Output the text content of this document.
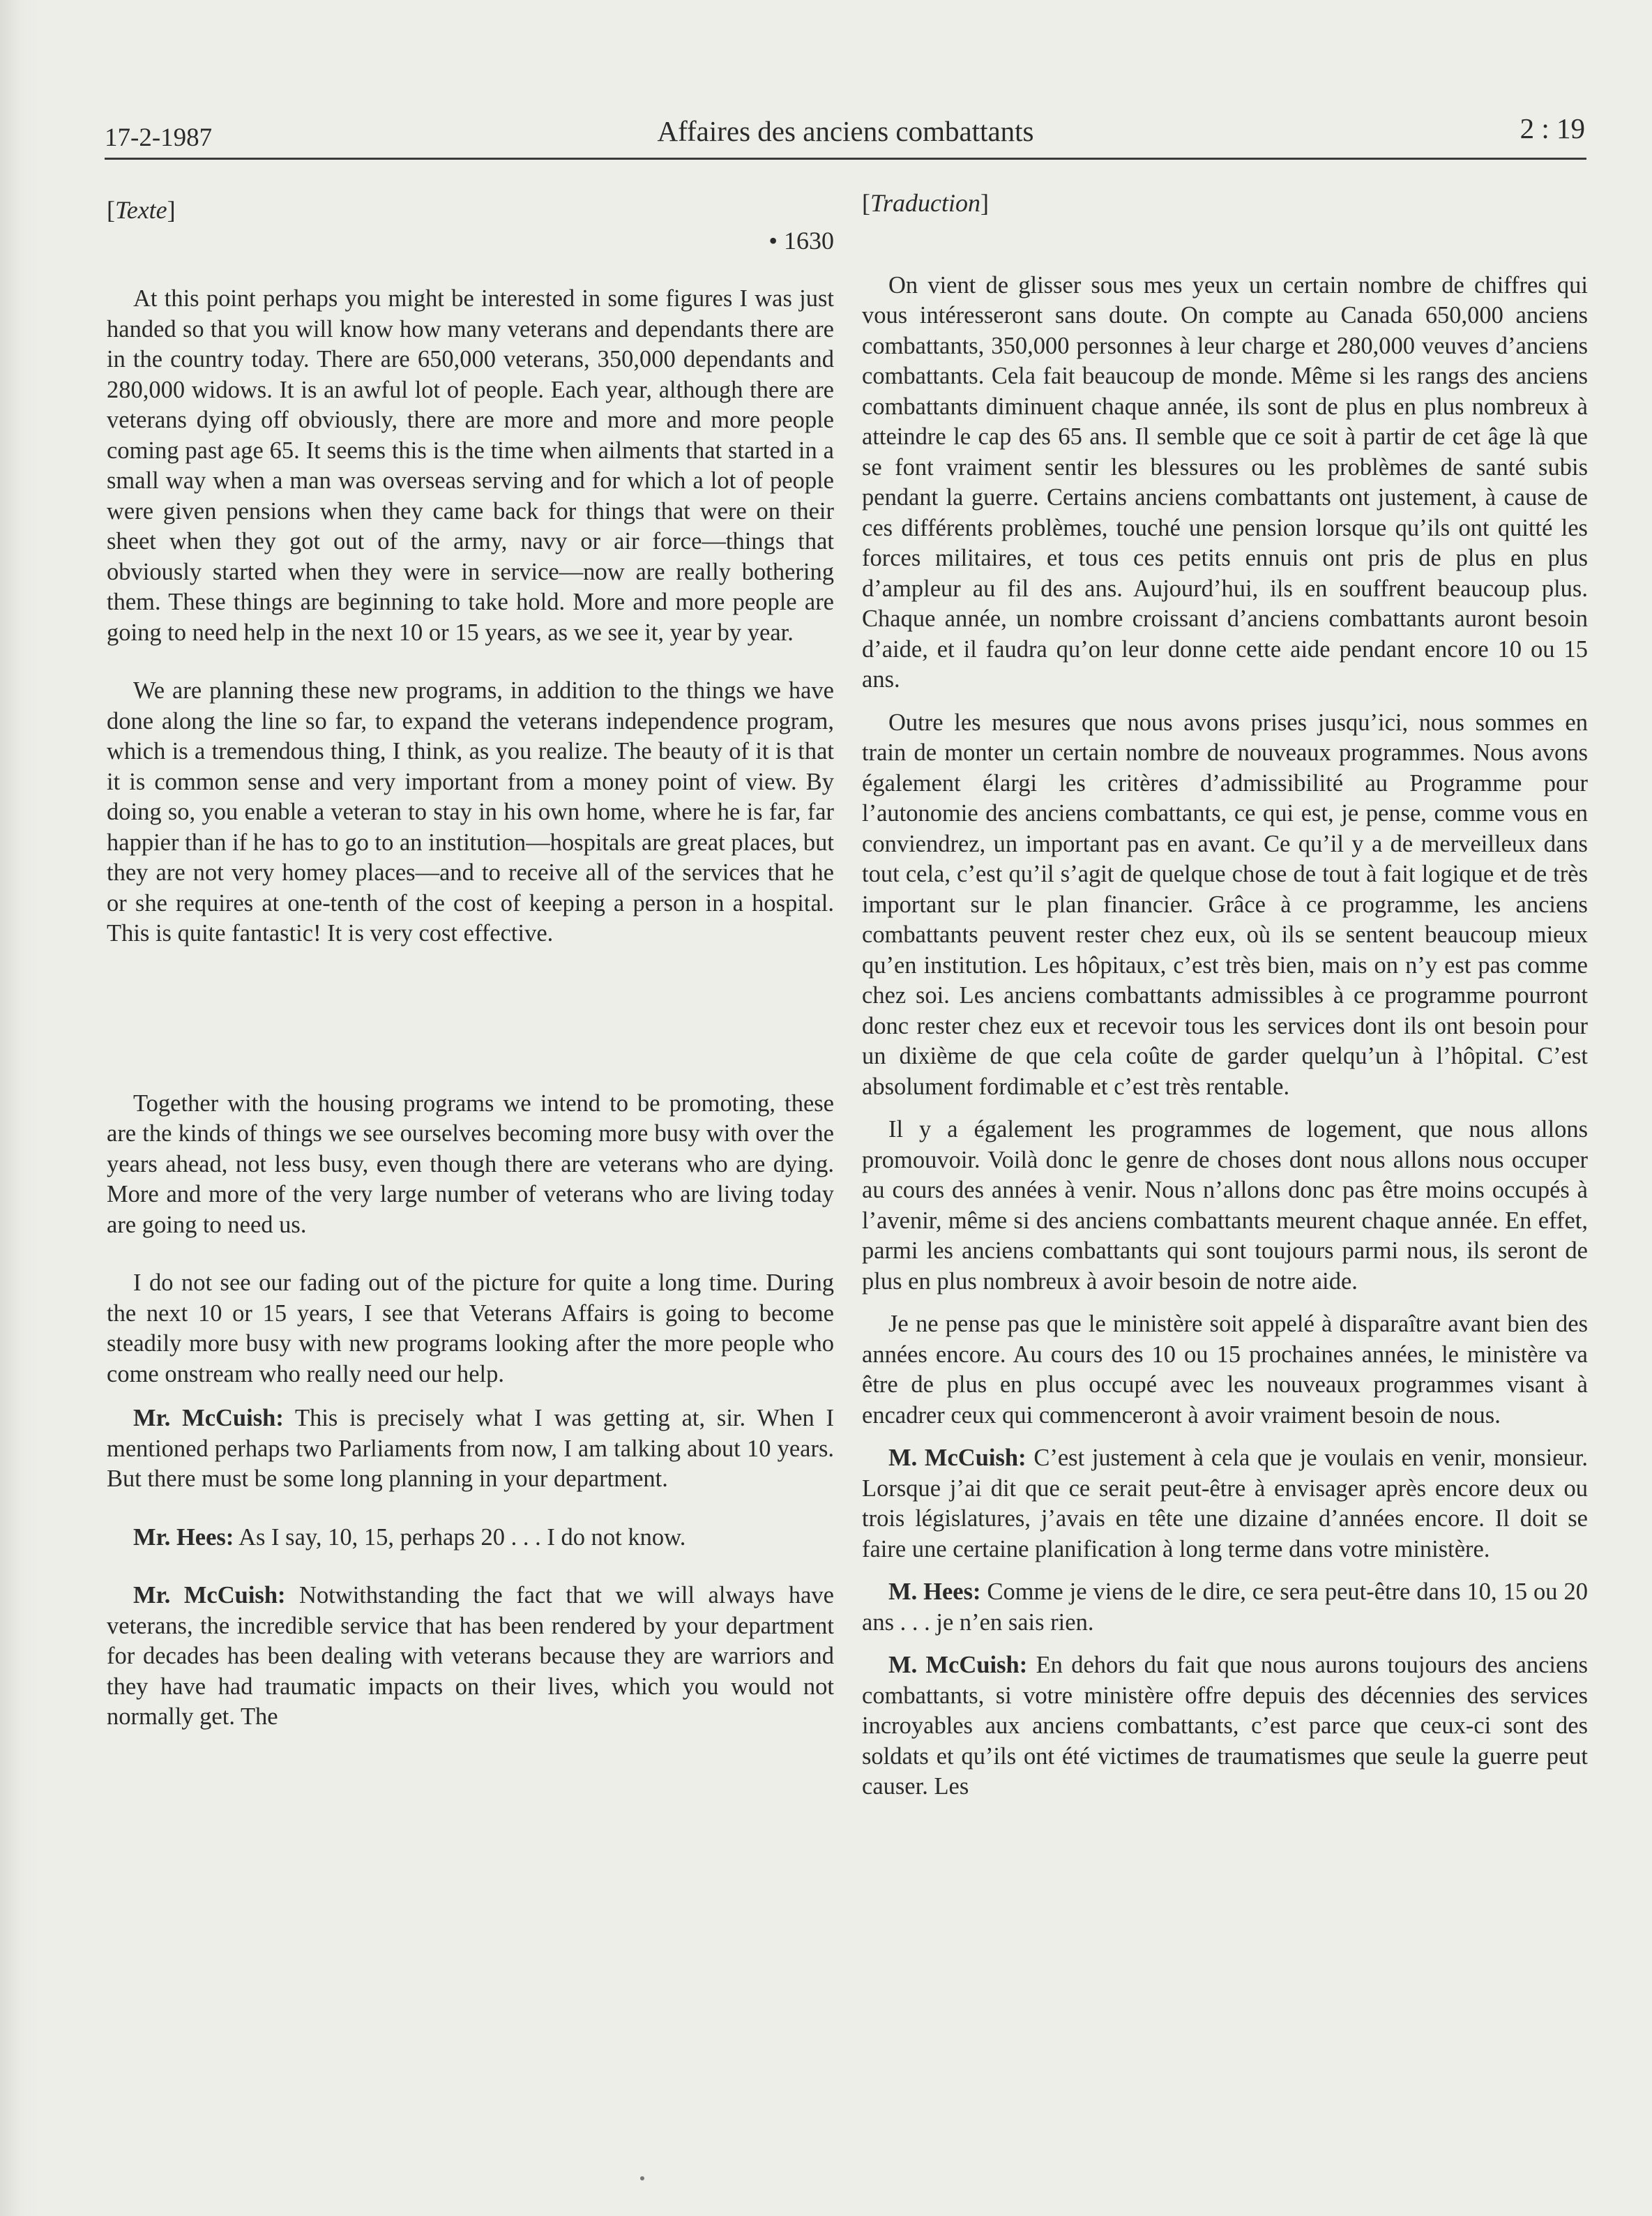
17-2-1987	Affaires des anciens combattants	2 : 19

[Texte]

• 1630

At this point perhaps you might be interested in some figures I was just handed so that you will know how many veterans and dependants there are in the country today. There are 650,000 veterans, 350,000 dependants and 280,000 widows. It is an awful lot of people. Each year, although there are veterans dying off obviously, there are more and more and more people coming past age 65. It seems this is the time when ailments that started in a small way when a man was overseas serving and for which a lot of people were given pensions when they came back for things that were on their sheet when they got out of the army, navy or air force—things that obviously started when they were in service—now are really bothering them. These things are beginning to take hold. More and more people are going to need help in the next 10 or 15 years, as we see it, year by year.

We are planning these new programs, in addition to the things we have done along the line so far, to expand the veterans independence program, which is a tremendous thing, I think, as you realize. The beauty of it is that it is common sense and very important from a money point of view. By doing so, you enable a veteran to stay in his own home, where he is far, far happier than if he has to go to an institution—hospitals are great places, but they are not very homey places—and to receive all of the services that he or she requires at one-tenth of the cost of keeping a person in a hospital. This is quite fantastic! It is very cost effective.

Together with the housing programs we intend to be promoting, these are the kinds of things we see ourselves becoming more busy with over the years ahead, not less busy, even though there are veterans who are dying. More and more of the very large number of veterans who are living today are going to need us.

I do not see our fading out of the picture for quite a long time. During the next 10 or 15 years, I see that Veterans Affairs is going to become steadily more busy with new programs looking after the more people who come onstream who really need our help.

Mr. McCuish: This is precisely what I was getting at, sir. When I mentioned perhaps two Parliaments from now, I am talking about 10 years. But there must be some long planning in your department.

Mr. Hees: As I say, 10, 15, perhaps 20 . . . I do not know.

Mr. McCuish: Notwithstanding the fact that we will always have veterans, the incredible service that has been rendered by your department for decades has been dealing with veterans because they are warriors and they have had traumatic impacts on their lives, which you would not normally get. The

[Traduction]

On vient de glisser sous mes yeux un certain nombre de chiffres qui vous intéresseront sans doute. On compte au Canada 650,000 anciens combattants, 350,000 personnes à leur charge et 280,000 veuves d’anciens combattants. Cela fait beaucoup de monde. Même si les rangs des anciens combattants diminuent chaque année, ils sont de plus en plus nombreux à atteindre le cap des 65 ans. Il semble que ce soit à partir de cet âge là que se font vraiment sentir les blessures ou les problèmes de santé subis pendant la guerre. Certains anciens combattants ont justement, à cause de ces différents problèmes, touché une pension lorsque qu’ils ont quitté les forces militaires, et tous ces petits ennuis ont pris de plus en plus d’ampleur au fil des ans. Aujourd’hui, ils en souffrent beaucoup plus. Chaque année, un nombre croissant d’anciens combattants auront besoin d’aide, et il faudra qu’on leur donne cette aide pendant encore 10 ou 15 ans.

Outre les mesures que nous avons prises jusqu’ici, nous sommes en train de monter un certain nombre de nouveaux programmes. Nous avons également élargi les critères d’admissibilité au Programme pour l’autonomie des anciens combattants, ce qui est, je pense, comme vous en conviendrez, un important pas en avant. Ce qu’il y a de merveilleux dans tout cela, c’est qu’il s’agit de quelque chose de tout à fait logique et de très important sur le plan financier. Grâce à ce programme, les anciens combattants peuvent rester chez eux, où ils se sentent beaucoup mieux qu’en institution. Les hôpitaux, c’est très bien, mais on n’y est pas comme chez soi. Les anciens combattants admissibles à ce programme pourront donc rester chez eux et recevoir tous les services dont ils ont besoin pour un dixième de que cela coûte de garder quelqu’un à l’hôpital. C’est absolument fordimable et c’est très rentable.

Il y a également les programmes de logement, que nous allons promouvoir. Voilà donc le genre de choses dont nous allons nous occuper au cours des années à venir. Nous n’allons donc pas être moins occupés à l’avenir, même si des anciens combattants meurent chaque année. En effet, parmi les anciens combattants qui sont toujours parmi nous, ils seront de plus en plus nombreux à avoir besoin de notre aide.

Je ne pense pas que le ministère soit appelé à disparaître avant bien des années encore. Au cours des 10 ou 15 prochaines années, le ministère va être de plus en plus occupé avec les nouveaux programmes visant à encadrer ceux qui commenceront à avoir vraiment besoin de nous.

M. McCuish: C’est justement à cela que je voulais en venir, monsieur. Lorsque j’ai dit que ce serait peut-être à envisager après encore deux ou trois législatures, j’avais en tête une dizaine d’années encore. Il doit se faire une certaine planification à long terme dans votre ministère.

M. Hees: Comme je viens de le dire, ce sera peut-être dans 10, 15 ou 20 ans . . . je n’en sais rien.

M. McCuish: En dehors du fait que nous aurons toujours des anciens combattants, si votre ministère offre depuis des décennies des services incroyables aux anciens combattants, c’est parce que ceux-ci sont des soldats et qu’ils ont été victimes de traumatismes que seule la guerre peut causer. Les
